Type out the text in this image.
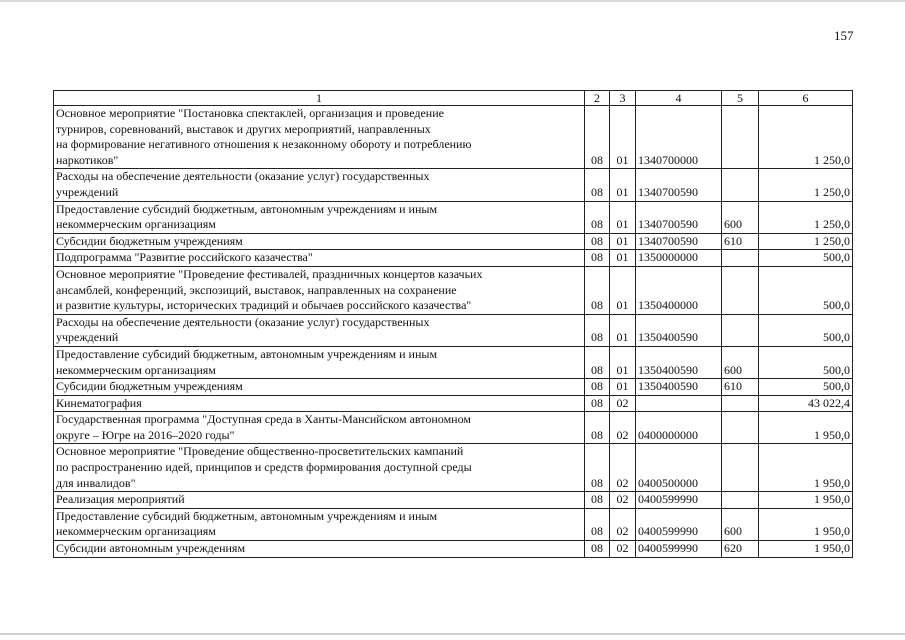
157
1	2	3	4	5	6
Основное мероприятие "Постановка спектаклей, организация и проведение
турниров, соревнований, выставок и других мероприятий, направленных
на формирование негативного отношения к незаконному обороту и потреблению
наркотиков"	08	01	1340700000		1 250,0
Расходы на обеспечение деятельности (оказание услуг) государственных
учреждений	08	01	1340700590		1 250,0
Предоставление субсидий бюджетным, автономным учреждениям и иным
некоммерческим организациям	08	01	1340700590	600	1 250,0
Субсидии бюджетным учреждениям	08	01	1340700590	610	1 250,0
Подпрограмма "Развитие российского казачества"	08	01	1350000000		500,0
Основное мероприятие "Проведение фестивалей, праздничных концертов казачьих
ансамблей, конференций, экспозиций, выставок, направленных на сохранение
и развитие культуры, исторических традиций и обычаев российского казачества"	08	01	1350400000		500,0
Расходы на обеспечение деятельности (оказание услуг) государственных
учреждений	08	01	1350400590		500,0
Предоставление субсидий бюджетным, автономным учреждениям и иным
некоммерческим организациям	08	01	1350400590	600	500,0
Субсидии бюджетным учреждениям	08	01	1350400590	610	500,0
Кинематография	08	02			43 022,4
Государственная программа "Доступная среда в Ханты-Мансийском автономном
округе – Югре на 2016–2020 годы"	08	02	0400000000		1 950,0
Основное мероприятие "Проведение общественно-просветительских кампаний
по распространению идей, принципов и средств формирования доступной среды
для инвалидов"	08	02	0400500000		1 950,0
Реализация мероприятий	08	02	0400599990		1 950,0
Предоставление субсидий бюджетным, автономным учреждениям и иным
некоммерческим организациям	08	02	0400599990	600	1 950,0
Субсидии автономным учреждениям	08	02	0400599990	620	1 950,0
